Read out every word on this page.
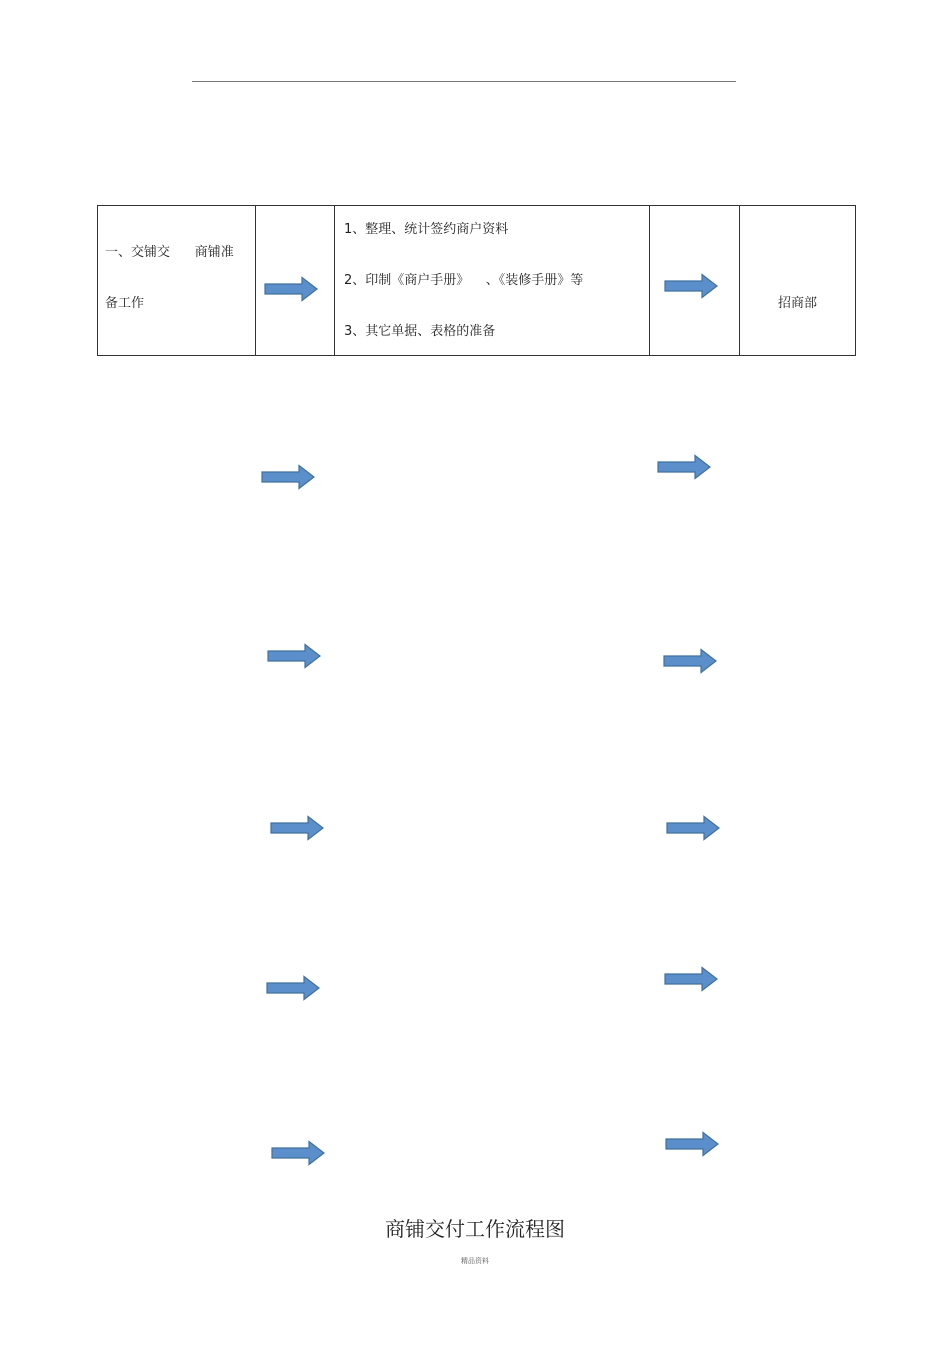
一、交铺交      商铺准
备工作

1、整理、统计签约商户资料
2、印制《商户手册》    、《装修手册》等
3、其它单据、表格的准备

招商部
商铺交付工作流程图
精品资料
